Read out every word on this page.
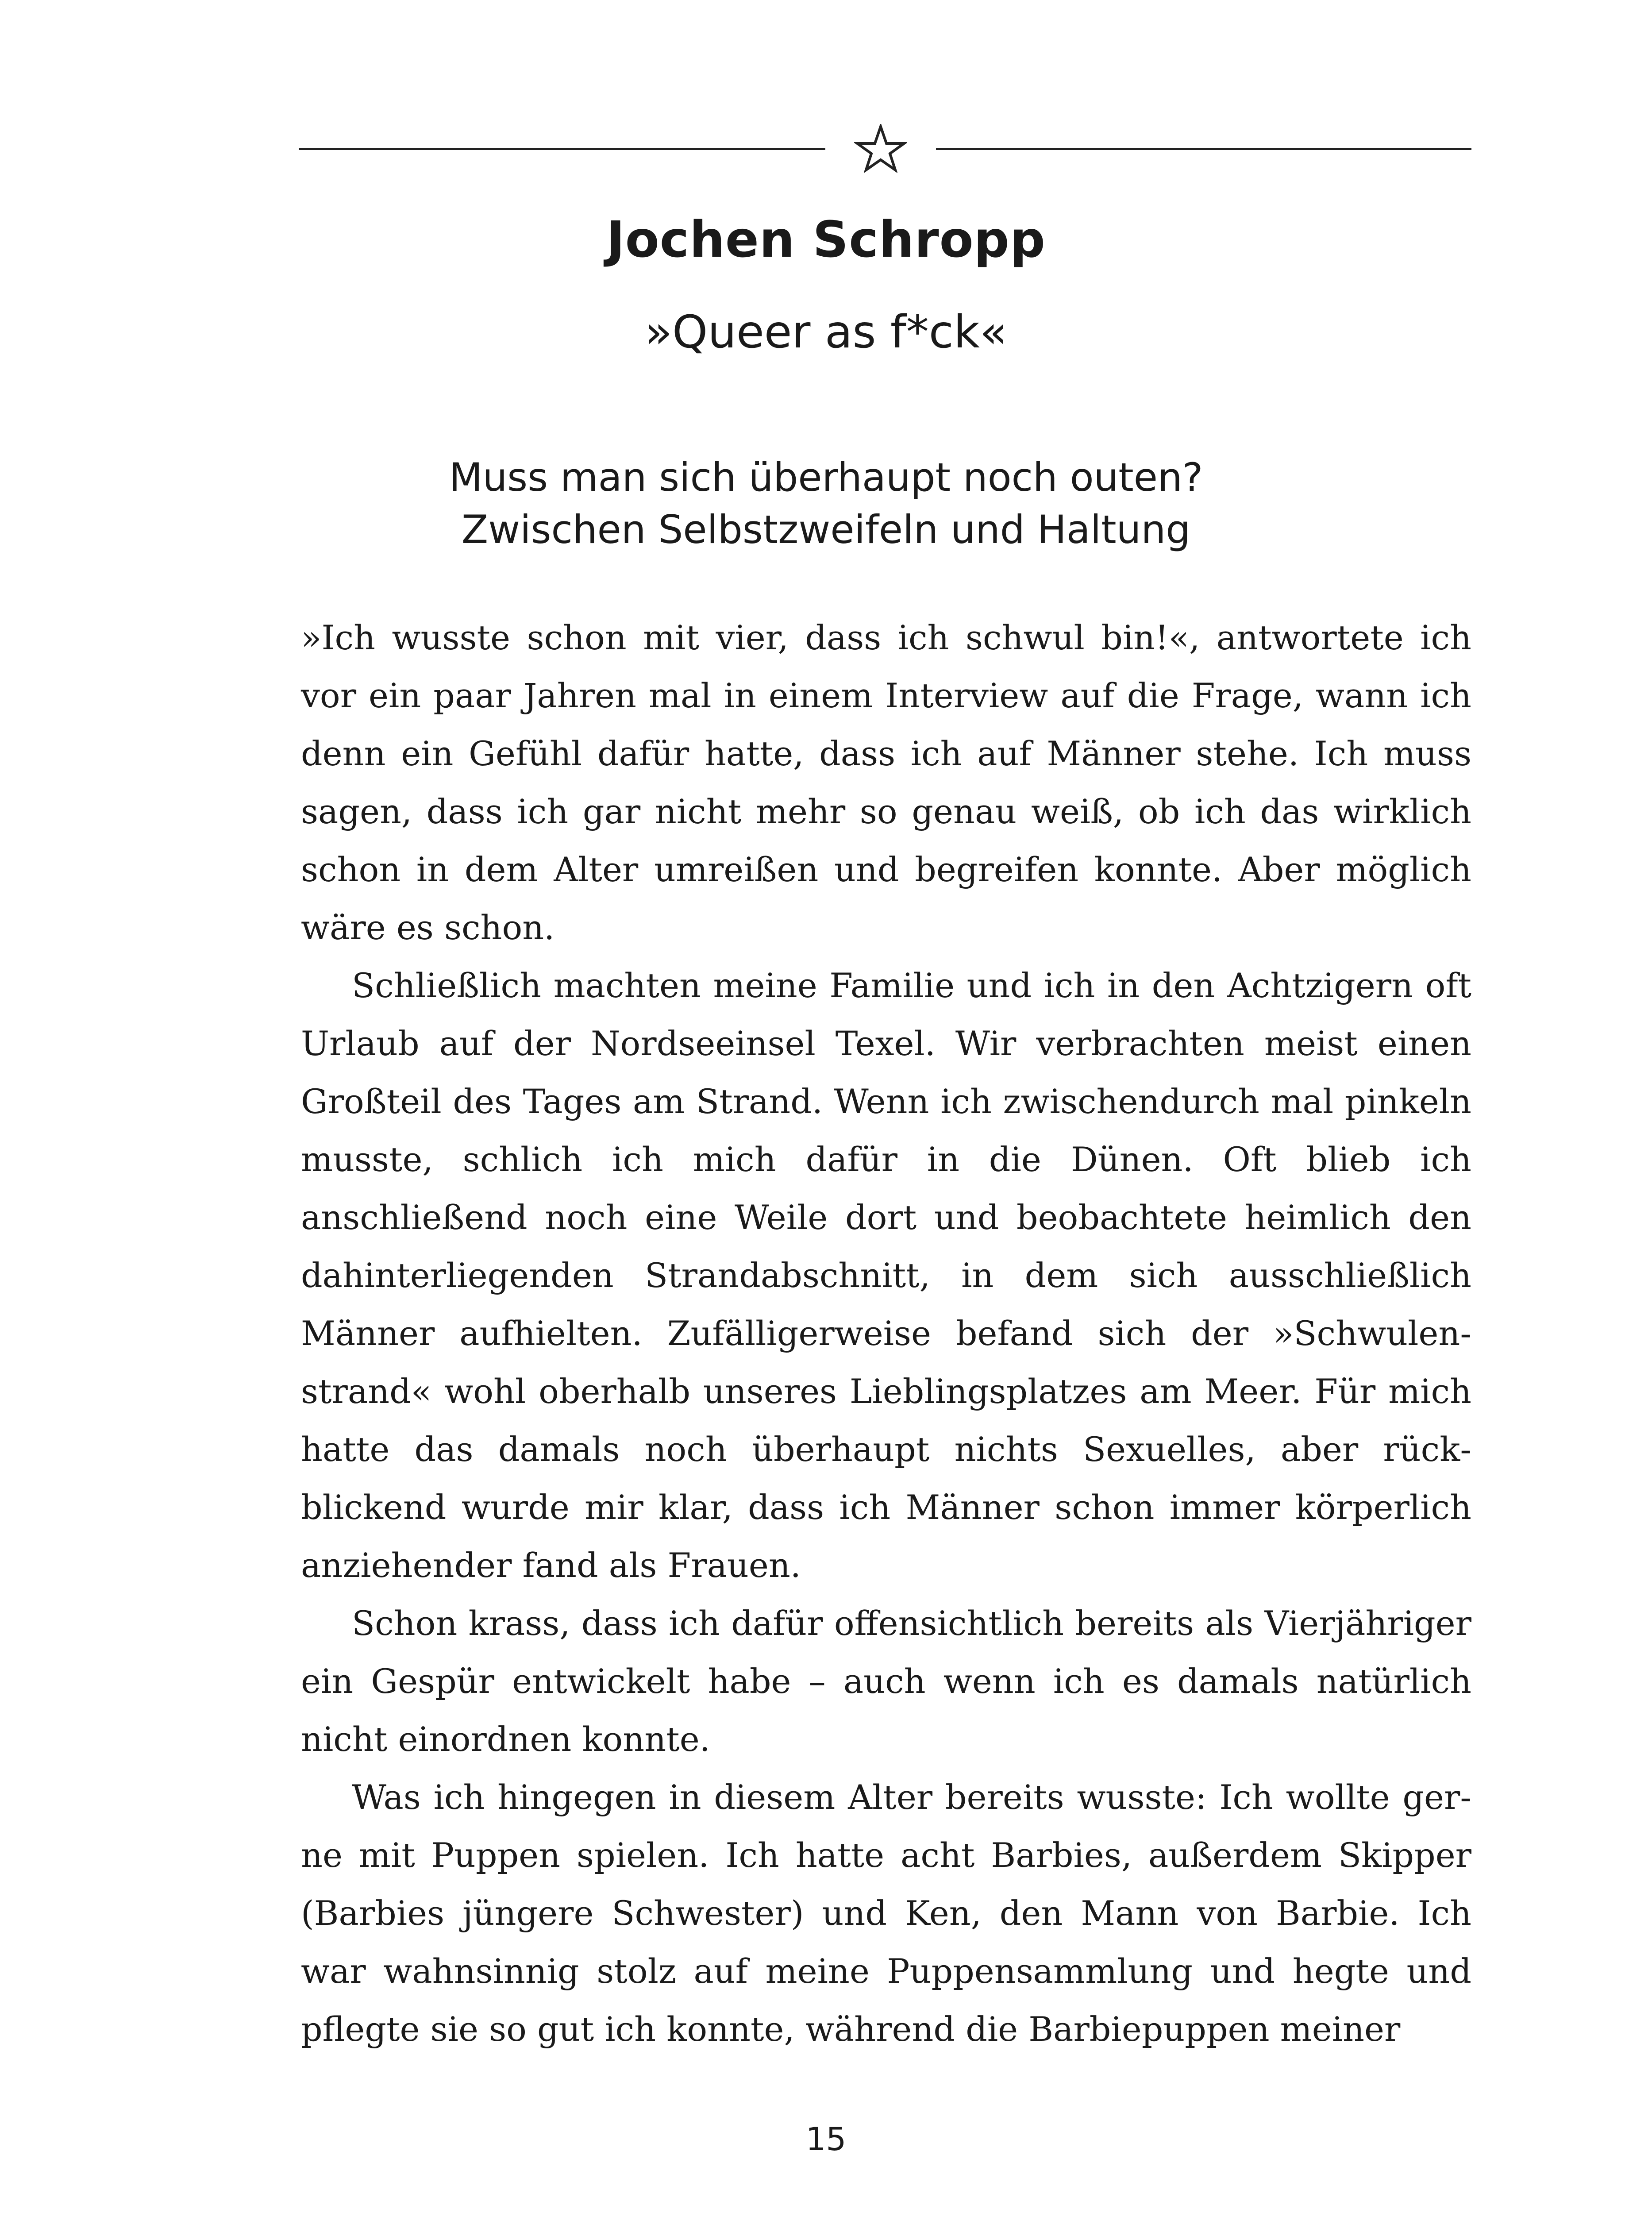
Jochen Schropp
»Queer as f*ck«
Muss man sich überhaupt noch outen?
Zwischen Selbstzweifeln und Haltung

»Ich wusste schon mit vier, dass ich schwul bin!«, antwortete ich vor ein paar Jahren mal in einem Interview auf die Frage, wann ich denn ein Gefühl dafür hatte, dass ich auf Männer stehe. Ich muss sagen, dass ich gar nicht mehr so genau weiß, ob ich das wirklich schon in dem Alter umreißen und begreifen konnte. Aber möglich wäre es schon.

Schließlich machten meine Familie und ich in den Achtzigern oft Urlaub auf der Nordseeinsel Texel. Wir verbrachten meist einen Großteil des Tages am Strand. Wenn ich zwischendurch mal pinkeln musste, schlich ich mich dafür in die Dünen. Oft blieb ich anschließend noch eine Weile dort und beobachtete heimlich den dahinterliegenden Strandabschnitt, in dem sich ausschließlich Männer aufhielten. Zufälligerweise befand sich der »Schwulenstrand« wohl oberhalb unseres Lieblingsplatzes am Meer. Für mich hatte das damals noch überhaupt nichts Sexuelles, aber rückblickend wurde mir klar, dass ich Männer schon immer körperlich anziehender fand als Frauen.

Schon krass, dass ich dafür offensichtlich bereits als Vierjähriger ein Gespür entwickelt habe – auch wenn ich es damals natürlich nicht einordnen konnte.

Was ich hingegen in diesem Alter bereits wusste: Ich wollte gerne mit Puppen spielen. Ich hatte acht Barbies, außerdem Skipper (Barbies jüngere Schwester) und Ken, den Mann von Barbie. Ich war wahnsinnig stolz auf meine Puppensammlung und hegte und pflegte sie so gut ich konnte, während die Barbiepuppen meiner

15
